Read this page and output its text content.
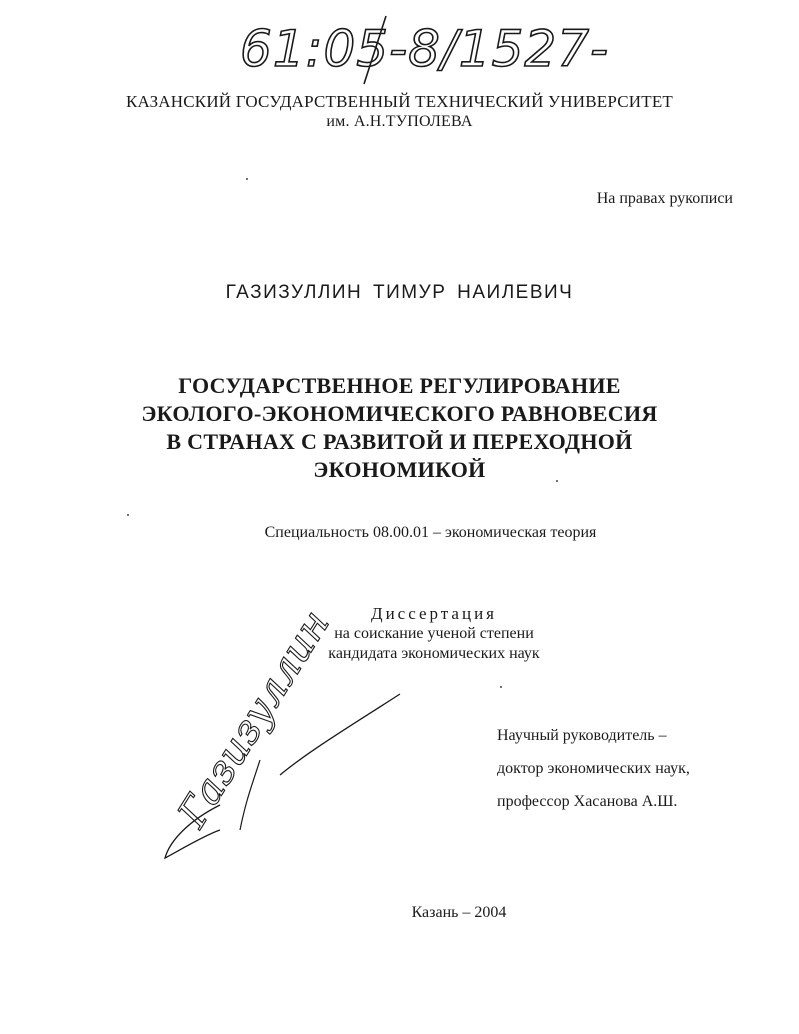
61:05-8/1527-
КАЗАНСКИЙ ГОСУДАРСТВЕННЫЙ ТЕХНИЧЕСКИЙ УНИВЕРСИТЕТ
им. А.Н.ТУПОЛЕВА
На правах рукописи
ГАЗИЗУЛЛИН ТИМУР НАИЛЕВИЧ
ГОСУДАРСТВЕННОЕ РЕГУЛИРОВАНИЕ
ЭКОЛОГО-ЭКОНОМИЧЕСКОГО РАВНОВЕСИЯ
В СТРАНАХ С РАЗВИТОЙ И ПЕРЕХОДНОЙ
ЭКОНОМИКОЙ
Специальность 08.00.01 – экономическая теория
Диссертация
на соискание ученой степени
кандидата экономических наук
Газизуллин	Научный руководитель –
доктор экономических наук,
профессор Хасанова А.Ш.
Казань – 2004
